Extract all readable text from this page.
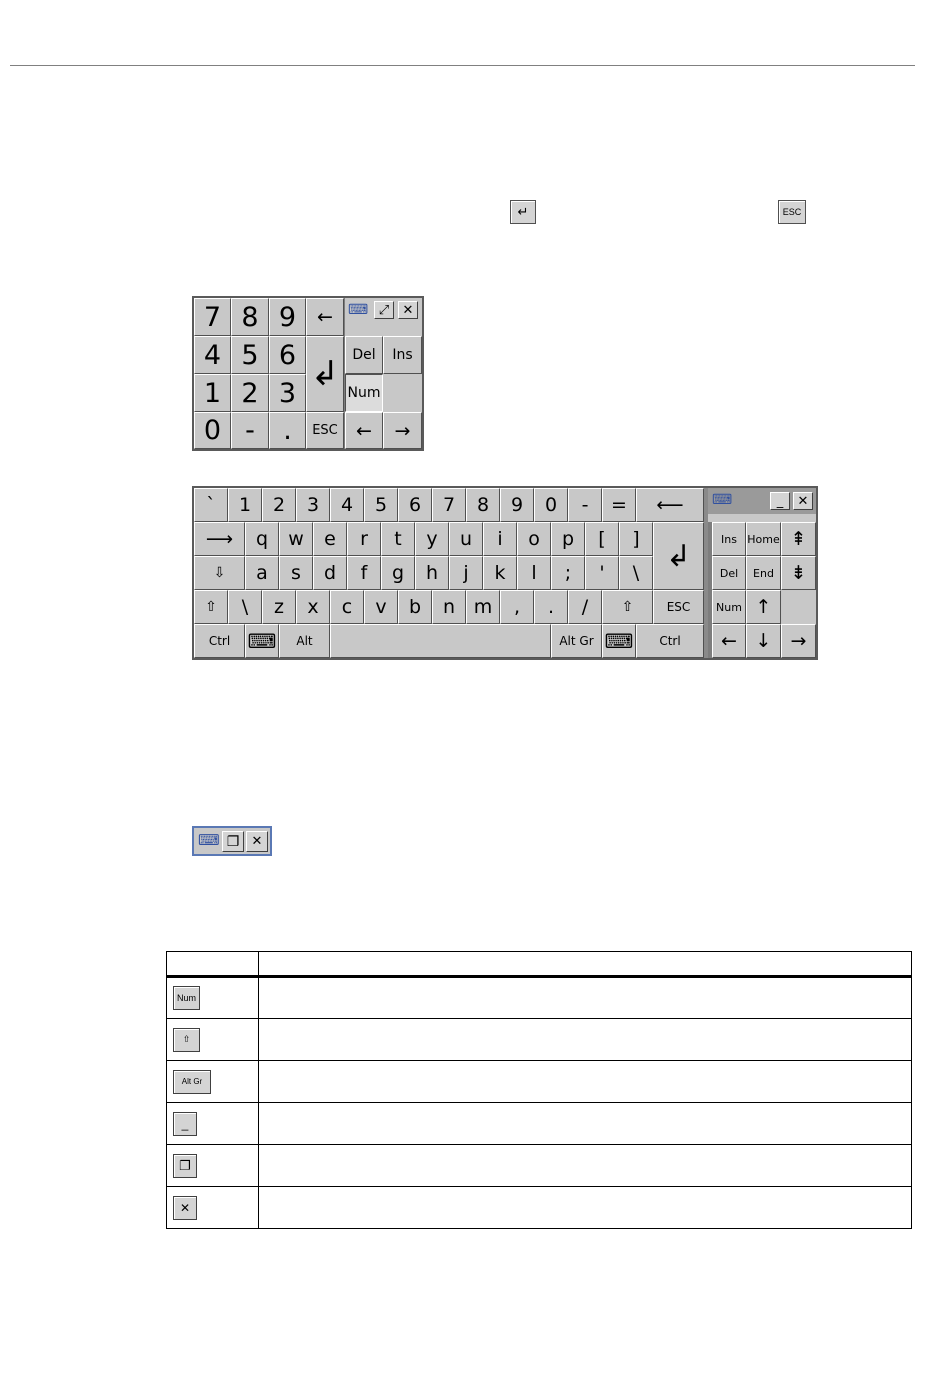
↵	ESC
7 8 9	←
4 5 6 ↲
1 2 3
0 -	.	ESC
⌨ ⤢	✕
Del	Ins
Num
←	→
`	1	2	3	4	5	6	7	8	9	0	-	=	⟵
⟶	q	w	e	r	t	y	u	i	o	p	[	] ↲
⇩	a	s	d	f	g	h	j	k	l	;	'	\
⇧	\	z	x	c	v	b	n m	,	.	/	⇧	ESC
Ctrl ⌨	Alt	Alt Gr ⌨	Ctrl
⌨	_	✕
Ins Home ⇞
Del	End ⇟
Num ↑
← ↓	→
⌨ ❐ ✕

Num	
⇧	
Alt Gr	
_	
❐	
✕	
